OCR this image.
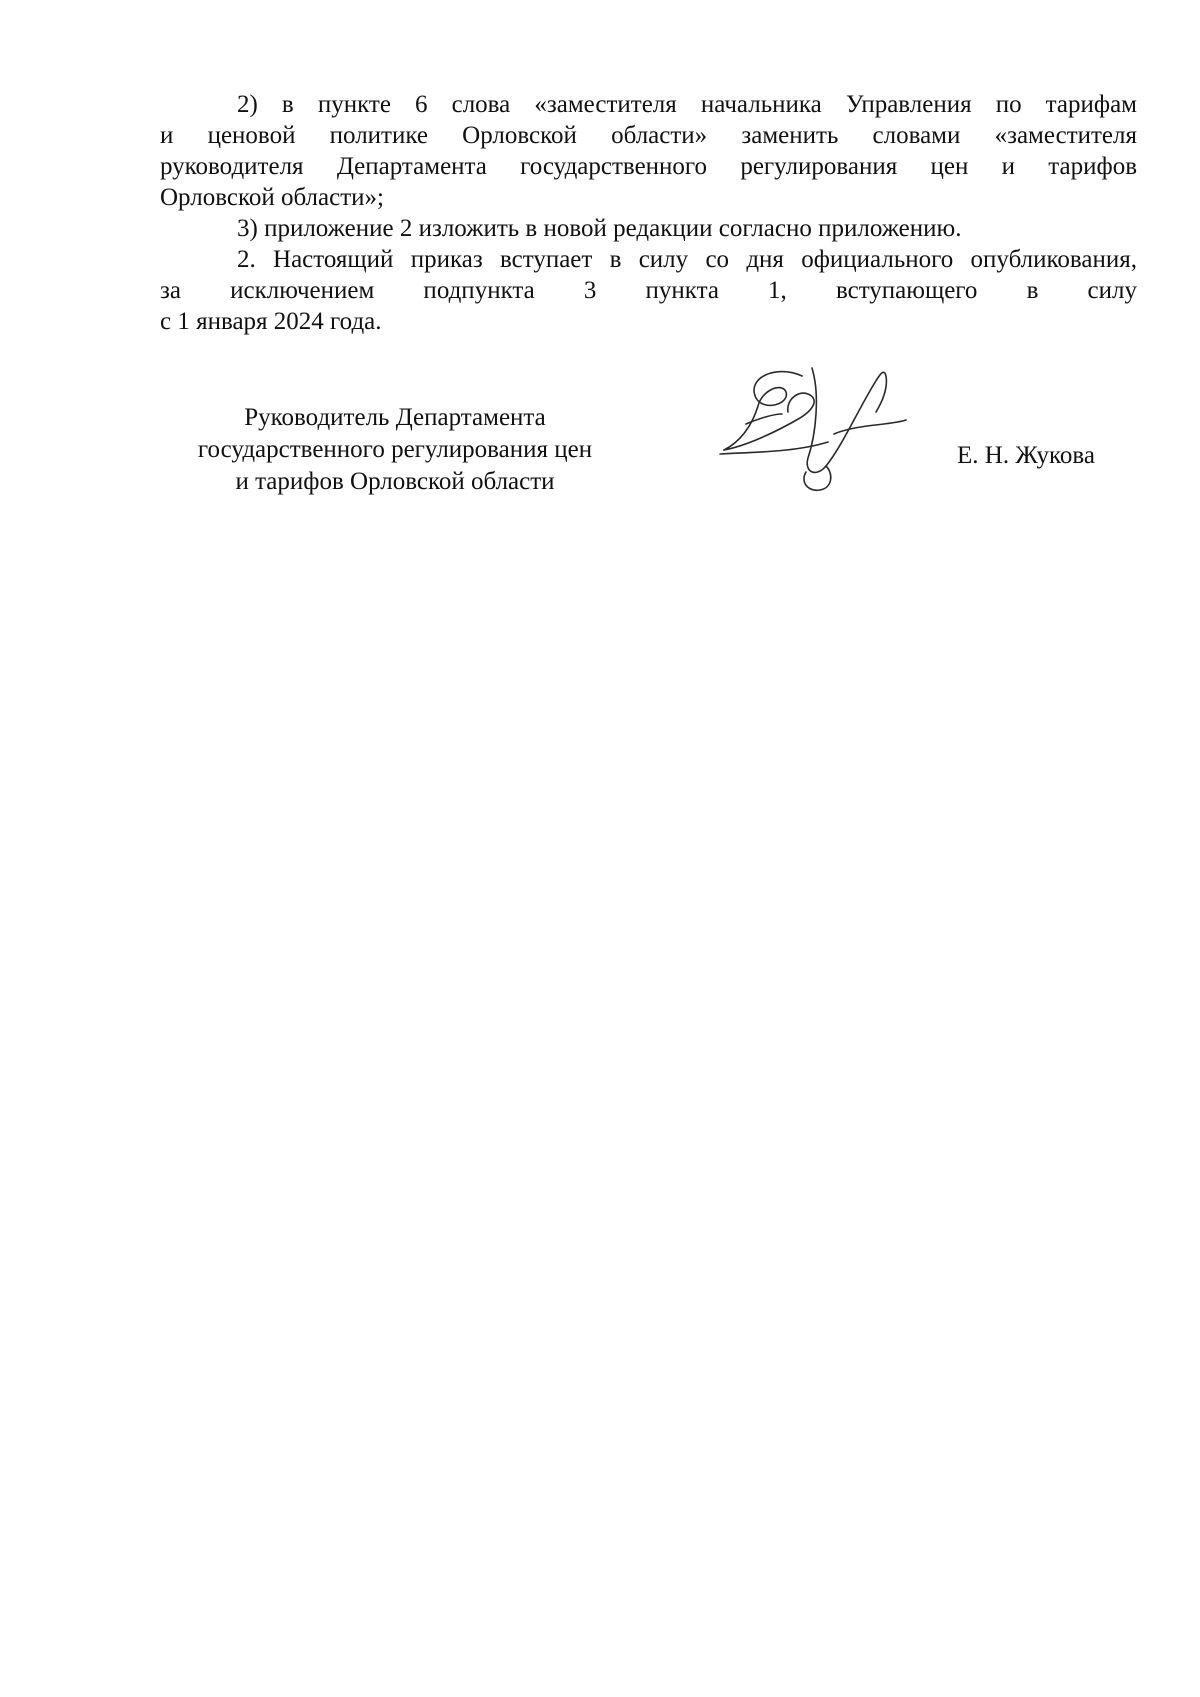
2) в пункте 6 слова «заместителя начальника Управления по тарифам
и ценовой политике Орловской области» заменить словами «заместителя
руководителя Департамента государственного регулирования цен и тарифов
Орловской области»;
3) приложение 2 изложить в новой редакции согласно приложению.
2. Настоящий приказ вступает в силу со дня официального опубликования,
за исключением подпункта 3 пункта 1, вступающего в силу
с 1 января 2024 года.
Руководитель Департамента
государственного регулирования цен
и тарифов Орловской области
Е. Н. Жукова
